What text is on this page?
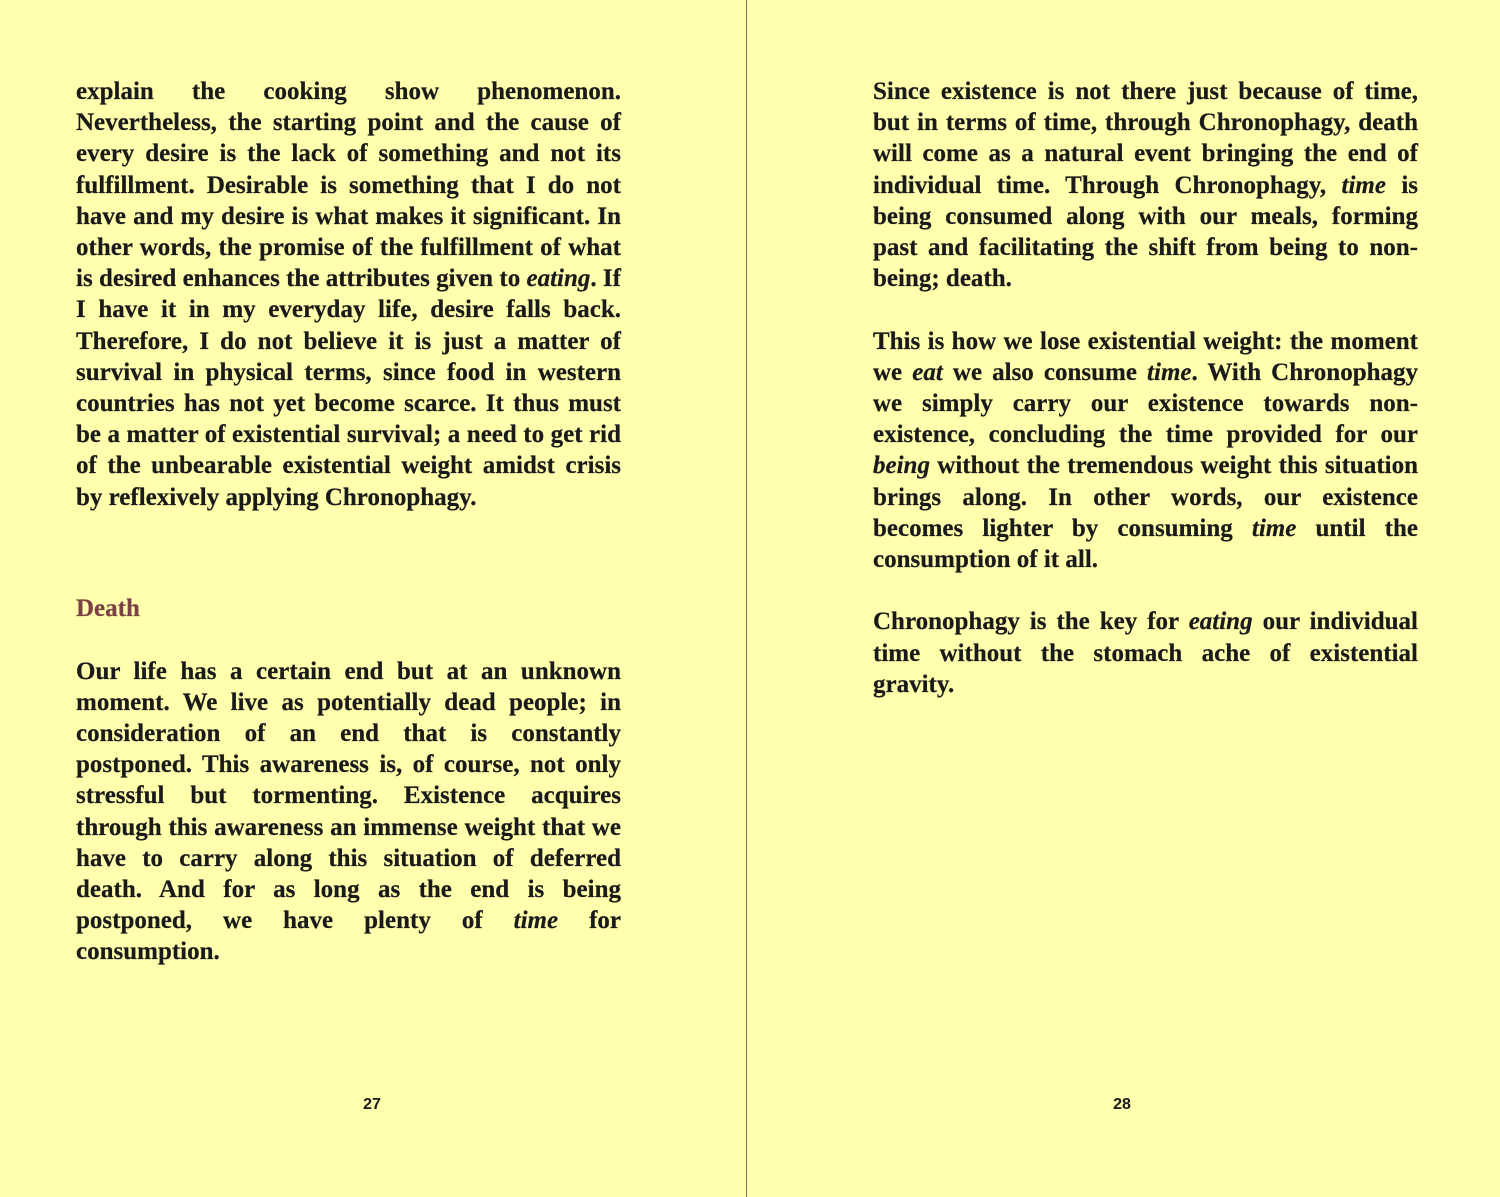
explain the cooking show phenomenon. Nevertheless, the starting point and the cause of every desire is the lack of something and not its fulfillment. Desirable is something that I do not have and my desire is what makes it significant. In other words, the promise of the fulfillment of what is desired enhances the attributes given to eating. If I have it in my everyday life, desire falls back. Therefore, I do not believe it is just a matter of survival in physical terms, since food in western countries has not yet become scarce. It thus must be a matter of existential survival; a need to get rid of the unbearable existential weight amidst crisis by reflexively applying Chronophagy.

Death

Our life has a certain end but at an unknown moment. We live as potentially dead people; in consideration of an end that is constantly postponed. This awareness is, of course, not only stressful but tormenting. Existence acquires through this awareness an immense weight that we have to carry along this situation of deferred death. And for as long as the end is being postponed, we have plenty of time for consumption.

27

Since existence is not there just because of time, but in terms of time, through Chronophagy, death will come as a natural event bringing the end of individual time. Through Chronophagy, time is being consumed along with our meals, forming past and facilitating the shift from being to non-being; death.

This is how we lose existential weight: the moment we eat we also consume time. With Chronophagy we simply carry our existence towards non-existence, concluding the time provided for our being without the tremendous weight this situation brings along. In other words, our existence becomes lighter by consuming time until the consumption of it all.

Chronophagy is the key for eating our individual time without the stomach ache of existential gravity.

28
